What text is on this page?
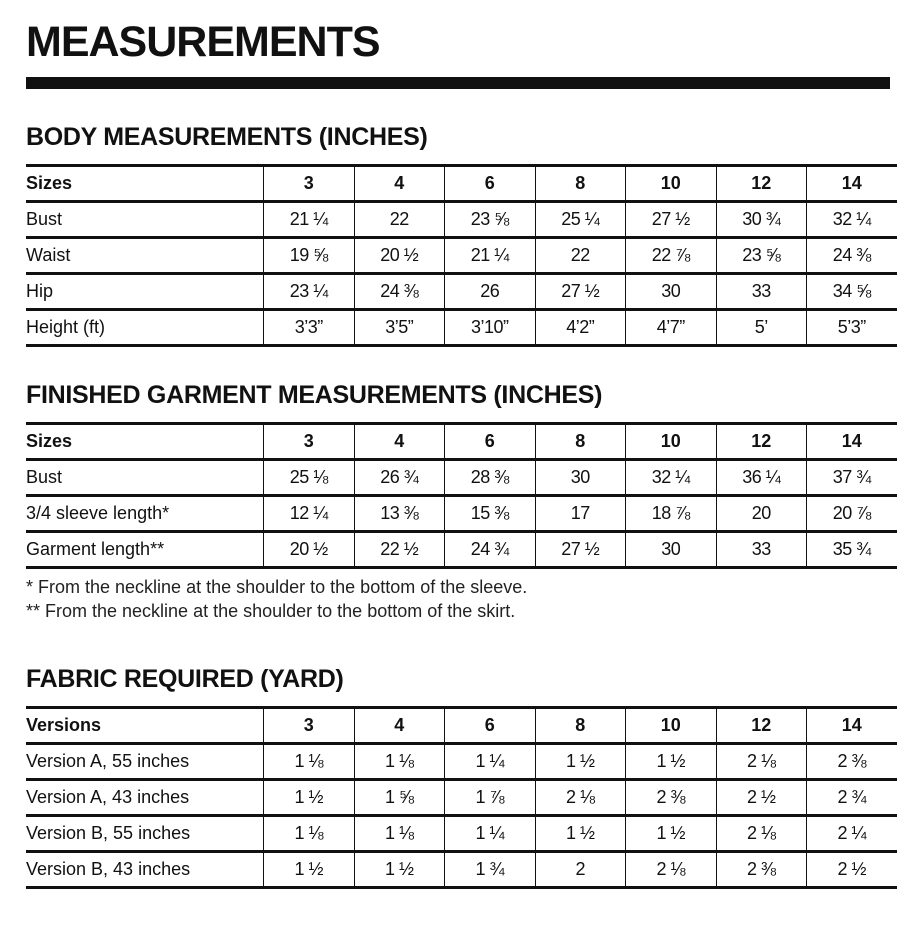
MEASUREMENTS
BODY MEASUREMENTS (INCHES)
Sizes	3	4	6	8	10	12	14
Bust	21 ¼	22	23 ⅝	25 ¼	27 ½	30 ¾	32 ¼
Waist	19 ⅝	20 ½	21 ¼	22	22 ⅞	23 ⅝	24 ⅜
Hip	23 ¼	24 ⅜	26	27 ½	30	33	34 ⅝
Height (ft)	3’3”	3’5”	3’10”	4’2”	4’7”	5’	5’3”
FINISHED GARMENT MEASUREMENTS (INCHES)
Sizes	3	4	6	8	10	12	14
Bust	25 ⅛	26 ¾	28 ⅜	30	32 ¼	36 ¼	37 ¾
3/4 sleeve length*	12 ¼	13 ⅜	15 ⅜	17	18 ⅞	20	20 ⅞
Garment length**	20 ½	22 ½	24 ¾	27 ½	30	33	35 ¾

* From the neckline at the shoulder to the bottom of the sleeve.

** From the neckline at the shoulder to the bottom of the skirt.

FABRIC REQUIRED (YARD)
Versions	3	4	6	8	10	12	14
Version A, 55 inches	1 ⅛	1 ⅛	1 ¼	1 ½	1 ½	2 ⅛	2 ⅜
Version A, 43 inches	1 ½	1 ⅝	1 ⅞	2 ⅛	2 ⅜	2 ½	2 ¾
Version B, 55 inches	1 ⅛	1 ⅛	1 ¼	1 ½	1 ½	2 ⅛	2 ¼
Version B, 43 inches	1 ½	1 ½	1 ¾	2	2 ⅛	2 ⅜	2 ½
